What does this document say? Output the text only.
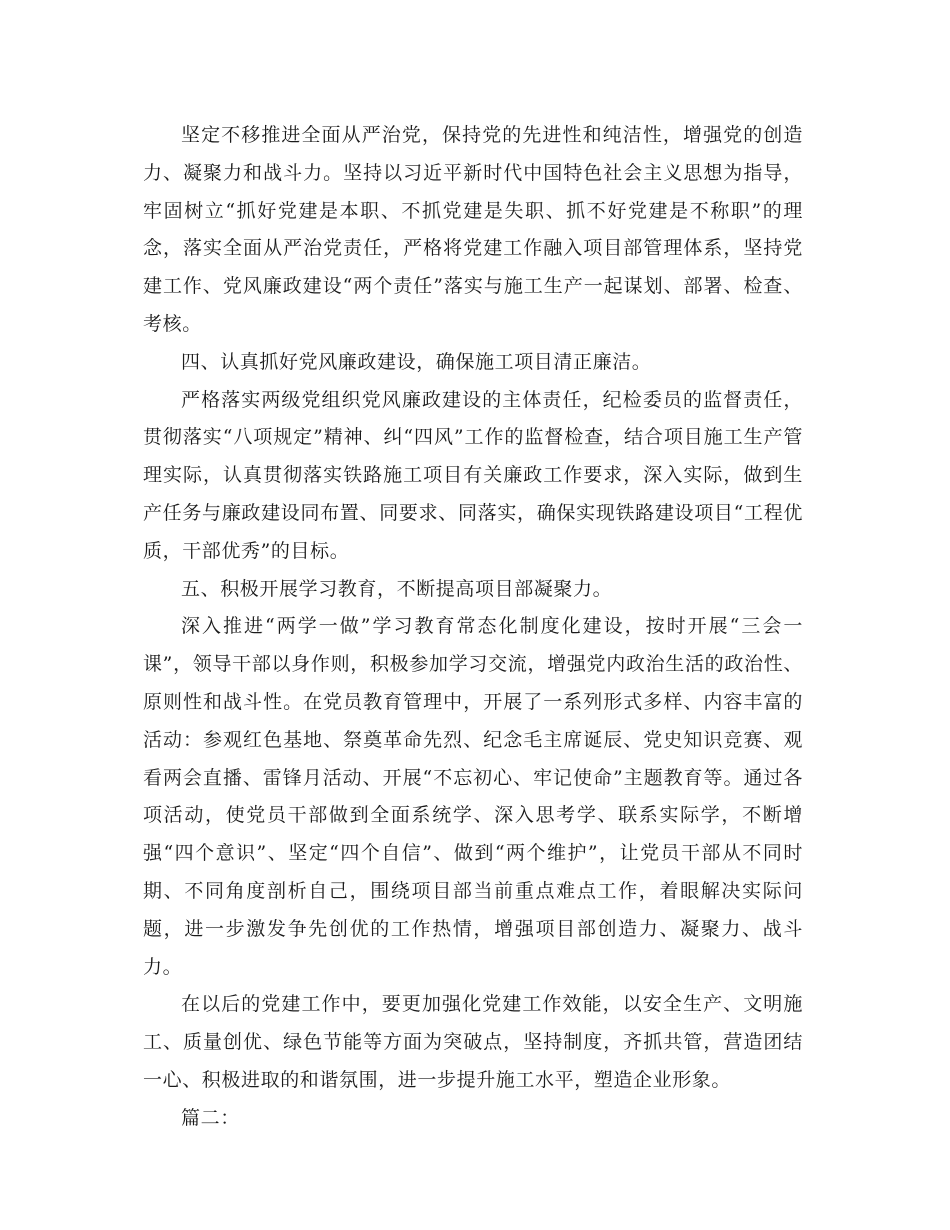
坚定不移推进全面从严治党，保持党的先进性和纯洁性，增强党的创造力、凝聚力和战斗力。坚持以习近平新时代中国特色社会主义思想为指导，牢固树立“抓好党建是本职、不抓党建是失职、抓不好党建是不称职”的理念，落实全面从严治党责任，严格将党建工作融入项目部管理体系，坚持党建工作、党风廉政建设“两个责任”落实与施工生产一起谋划、部署、检查、考核。

四、认真抓好党风廉政建设，确保施工项目清正廉洁。

严格落实两级党组织党风廉政建设的主体责任，纪检委员的监督责任，贯彻落实“八项规定”精神、纠“四风”工作的监督检查，结合项目施工生产管理实际，认真贯彻落实铁路施工项目有关廉政工作要求，深入实际，做到生产任务与廉政建设同布置、同要求、同落实，确保实现铁路建设项目“工程优质，干部优秀”的目标。

五、积极开展学习教育，不断提高项目部凝聚力。

深入推进“两学一做”学习教育常态化制度化建设，按时开展“三会一课”，领导干部以身作则，积极参加学习交流，增强党内政治生活的政治性、原则性和战斗性。在党员教育管理中，开展了一系列形式多样、内容丰富的活动：参观红色基地、祭奠革命先烈、纪念毛主席诞辰、党史知识竞赛、观看两会直播、雷锋月活动、开展“不忘初心、牢记使命”主题教育等。通过各项活动，使党员干部做到全面系统学、深入思考学、联系实际学，不断增强“四个意识”、坚定“四个自信”、做到“两个维护”，让党员干部从不同时期、不同角度剖析自己，围绕项目部当前重点难点工作，着眼解决实际问题，进一步激发争先创优的工作热情，增强项目部创造力、凝聚力、战斗力。

在以后的党建工作中，要更加强化党建工作效能，以安全生产、文明施工、质量创优、绿色节能等方面为突破点，坚持制度，齐抓共管，营造团结一心、积极进取的和谐氛围，进一步提升施工水平，塑造企业形象。

篇二：
